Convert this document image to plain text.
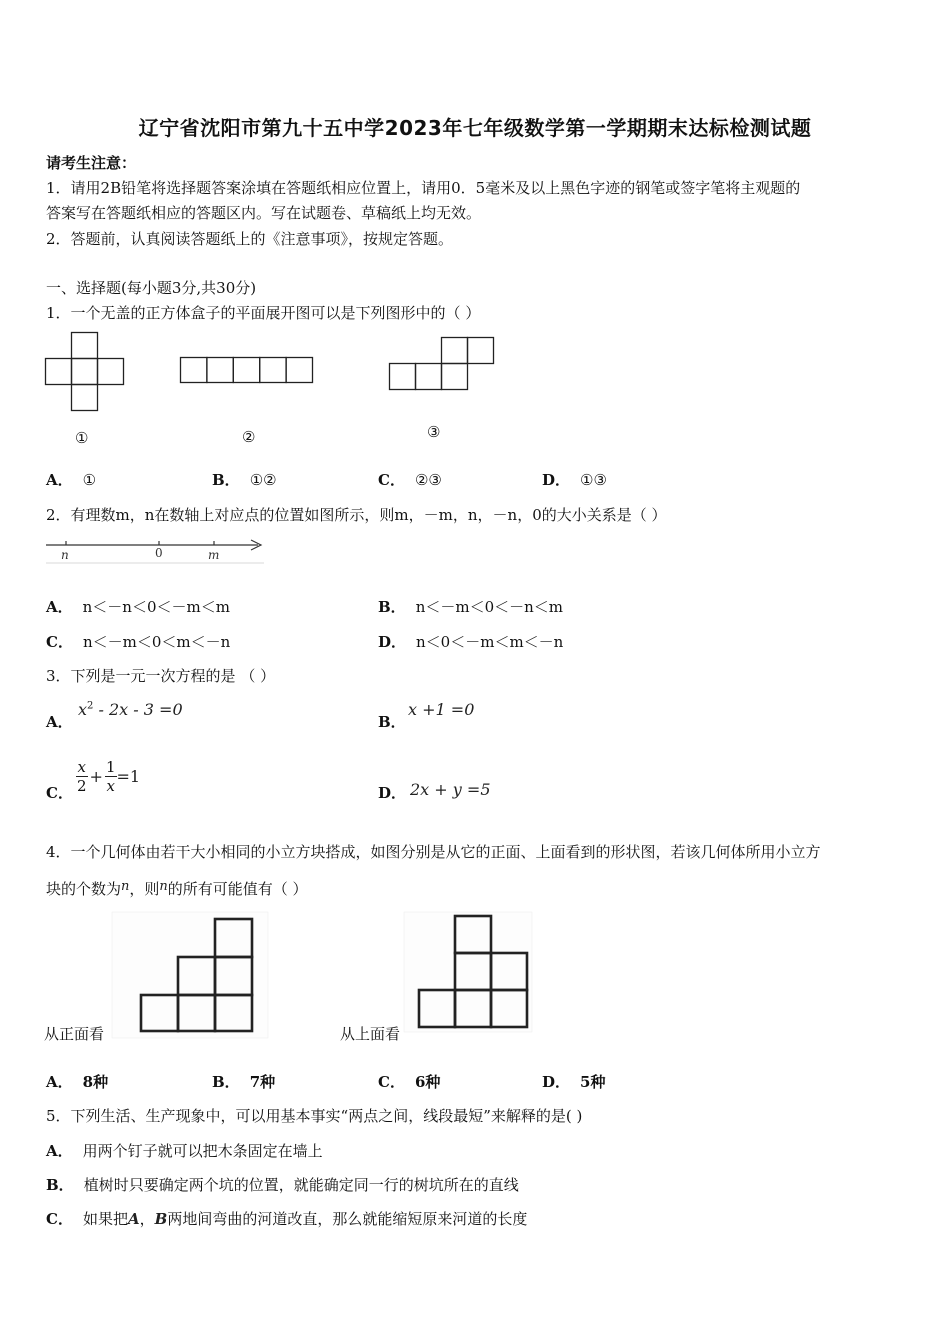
辽宁省沈阳市第九十五中学2023年七年级数学第一学期期末达标检测试题
请考生注意：
1．请用2B铅笔将选择题答案涂填在答题纸相应位置上，请用0．5毫米及以上黑色字迹的钢笔或签字笔将主观题的
答案写在答题纸相应的答题区内。写在试题卷、草稿纸上均无效。
2．答题前，认真阅读答题纸上的《注意事项》，按规定答题。
一、选择题(每小题3分,共30分)
1．一个无盖的正方体盒子的平面展开图可以是下列图形中的（ ）
①	②	③
A． ①	B． ①②	C． ②③	D． ①③
2．有理数m，n在数轴上对应点的位置如图所示，则m，－m，n，－n，0的大小关系是（ ）
n	0	m
A． n＜－n＜0＜－m＜m	B． n＜－m＜0＜－n＜m
C． n＜－m＜0＜m＜－n	D． n＜0＜－m＜m＜－n
3．下列是一元一次方程的是 （ ）
A．
$x^2 - 2x - 3 =0$
B．
x +1 =0
C． $\frac{x}{2} + \frac{1}{x} =1$
D． 2x + y =5
4．一个几何体由若干大小相同的小立方块搭成，如图分别是从它的正面、上面看到的形状图，若该几何体所用小立方
块的个数为n，则n的所有可能值有（ ）
从正面看	从上面看
A． 8种	B． 7种	C． 6种	D． 5种
5．下列生活、生产现象中，可以用基本事实“两点之间，线段最短”来解释的是( )
A． 用两个钉子就可以把木条固定在墙上
B． 植树时只要确定两个坑的位置，就能确定同一行的树坑所在的直线
C． 如果把A，B两地间弯曲的河道改直，那么就能缩短原来河道的长度
